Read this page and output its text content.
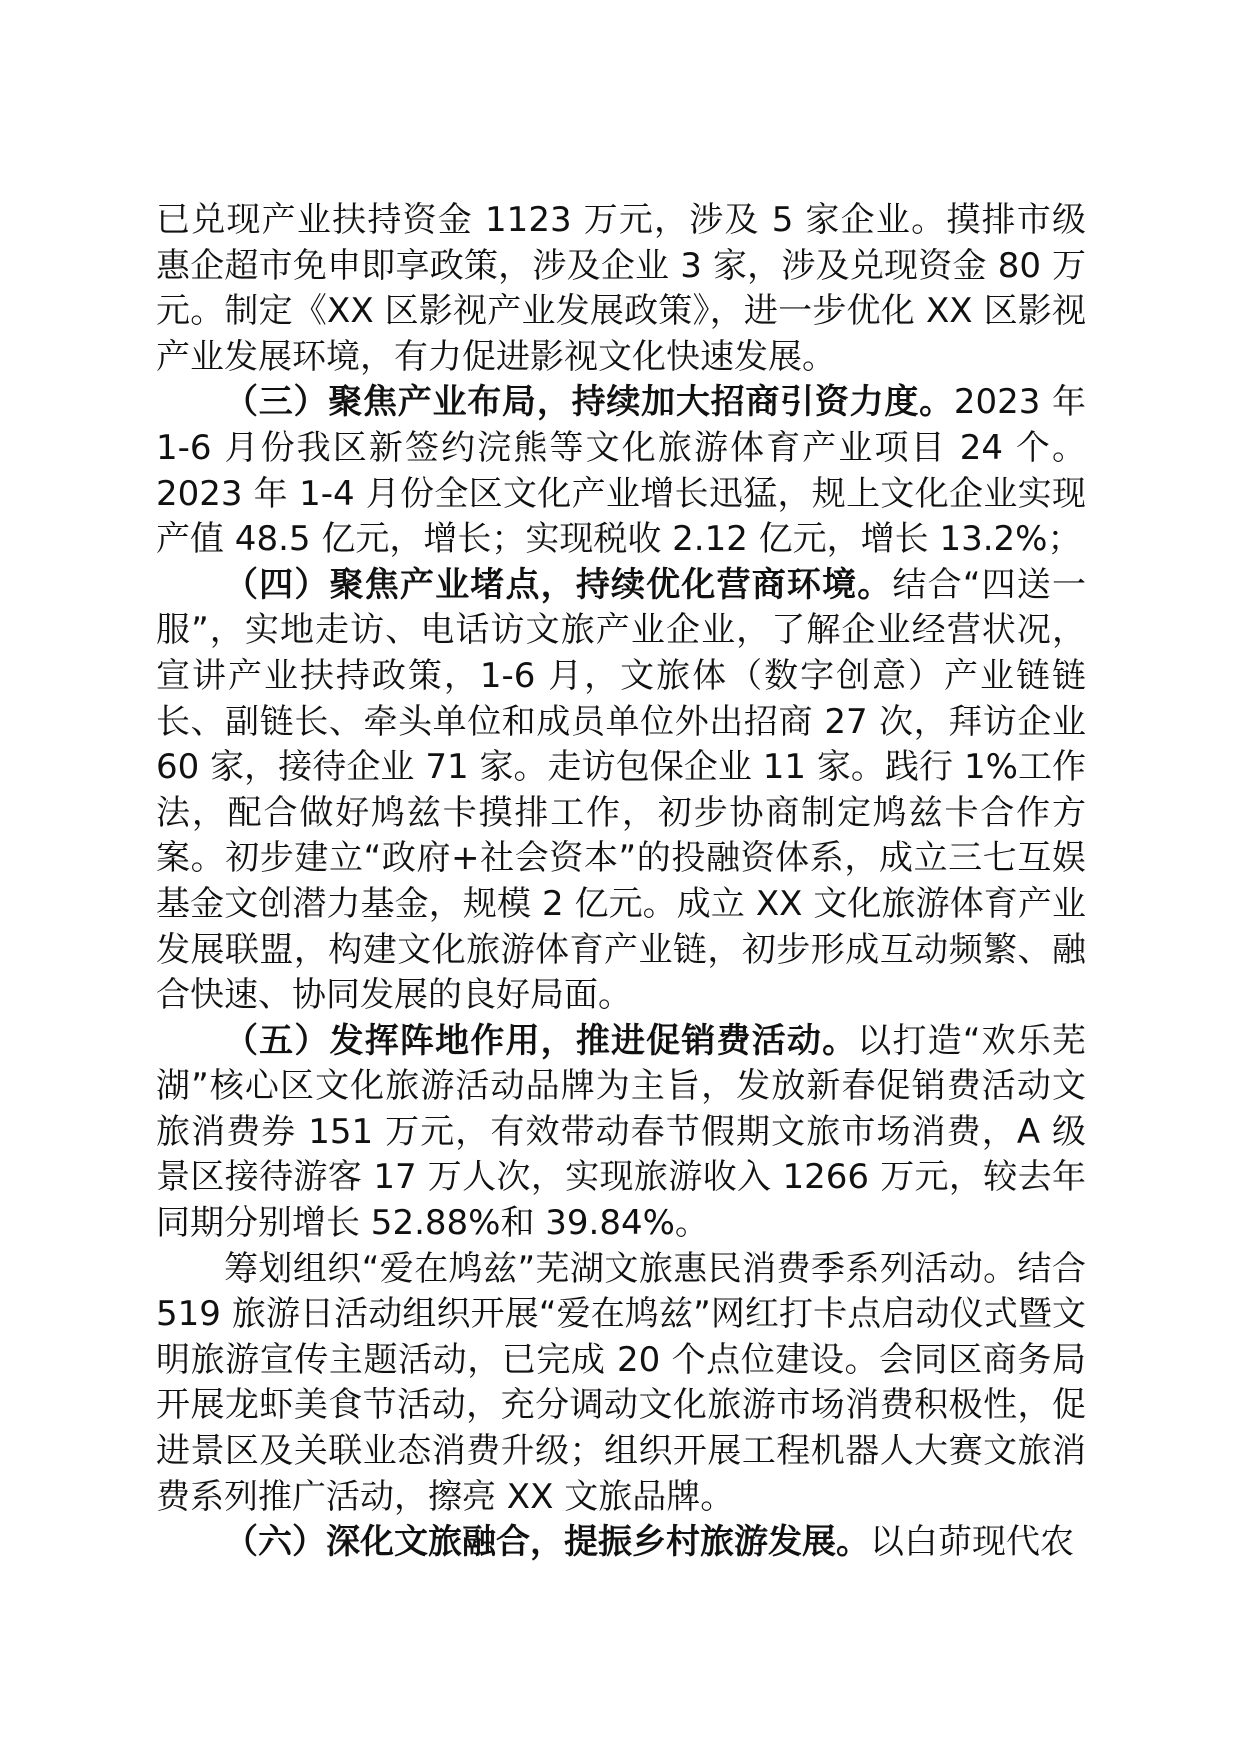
已兑现产业扶持资金 1123 万元，涉及 5 家企业。摸排市级惠企超市免申即享政策，涉及企业 3 家，涉及兑现资金 80 万元。制定《XX 区影视产业发展政策》，进一步优化 XX 区影视产业发展环境，有力促进影视文化快速发展。

（三）聚焦产业布局，持续加大招商引资力度。2023 年 1-6 月份我区新签约浣熊等文化旅游体育产业项目 24 个。2023 年 1-4 月份全区文化产业增长迅猛，规上文化企业实现产值 48.5 亿元，增长；实现税收 2.12 亿元，增长 13.2%；

（四）聚焦产业堵点，持续优化营商环境。结合“四送一服”，实地走访、电话访文旅产业企业，了解企业经营状况，宣讲产业扶持政策，1-6 月，文旅体（数字创意）产业链链长、副链长、牵头单位和成员单位外出招商 27 次，拜访企业 60 家，接待企业 71 家。走访包保企业 11 家。践行 1%工作法，配合做好鸠兹卡摸排工作，初步协商制定鸠兹卡合作方案。初步建立“政府+社会资本”的投融资体系，成立三七互娱基金文创潜力基金，规模 2 亿元。成立 XX 文化旅游体育产业发展联盟，构建文化旅游体育产业链，初步形成互动频繁、融合快速、协同发展的良好局面。

（五）发挥阵地作用，推进促销费活动。以打造“欢乐芜湖”核心区文化旅游活动品牌为主旨，发放新春促销费活动文旅消费券 151 万元，有效带动春节假期文旅市场消费，A 级景区接待游客 17 万人次，实现旅游收入 1266 万元，较去年同期分别增长 52.88%和 39.84%。

筹划组织“爱在鸠兹”芜湖文旅惠民消费季系列活动。结合 519 旅游日活动组织开展“爱在鸠兹”网红打卡点启动仪式暨文明旅游宣传主题活动，已完成 20 个点位建设。会同区商务局开展龙虾美食节活动，充分调动文化旅游市场消费积极性，促进景区及关联业态消费升级；组织开展工程机器人大赛文旅消费系列推广活动，擦亮 XX 文旅品牌。

（六）深化文旅融合，提振乡村旅游发展。以白茆现代农
